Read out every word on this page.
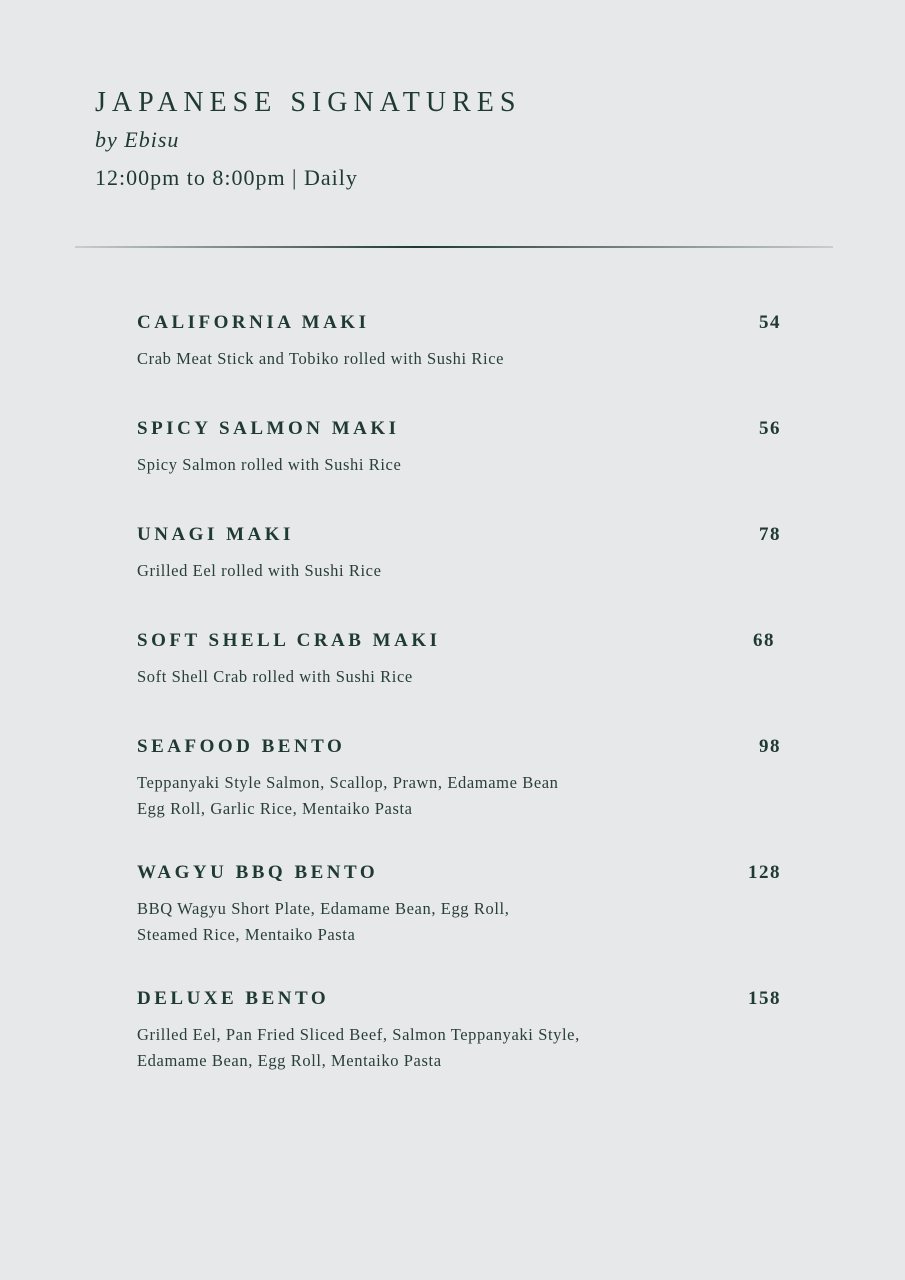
JAPANESE SIGNATURES
by Ebisu
12:00pm to 8:00pm | Daily
CALIFORNIA MAKI	54
Crab Meat Stick and Tobiko rolled with Sushi Rice
SPICY SALMON MAKI	56
Spicy Salmon rolled with Sushi Rice
UNAGI MAKI	78
Grilled Eel rolled with Sushi Rice
SOFT SHELL CRAB MAKI	68
Soft Shell Crab rolled with Sushi Rice
SEAFOOD BENTO	98
Teppanyaki Style Salmon, Scallop, Prawn, Edamame Bean
Egg Roll, Garlic Rice, Mentaiko Pasta
WAGYU BBQ BENTO	128
BBQ Wagyu Short Plate, Edamame Bean, Egg Roll,
Steamed Rice, Mentaiko Pasta
DELUXE BENTO	158
Grilled Eel, Pan Fried Sliced Beef, Salmon Teppanyaki Style,
Edamame Bean, Egg Roll, Mentaiko Pasta
